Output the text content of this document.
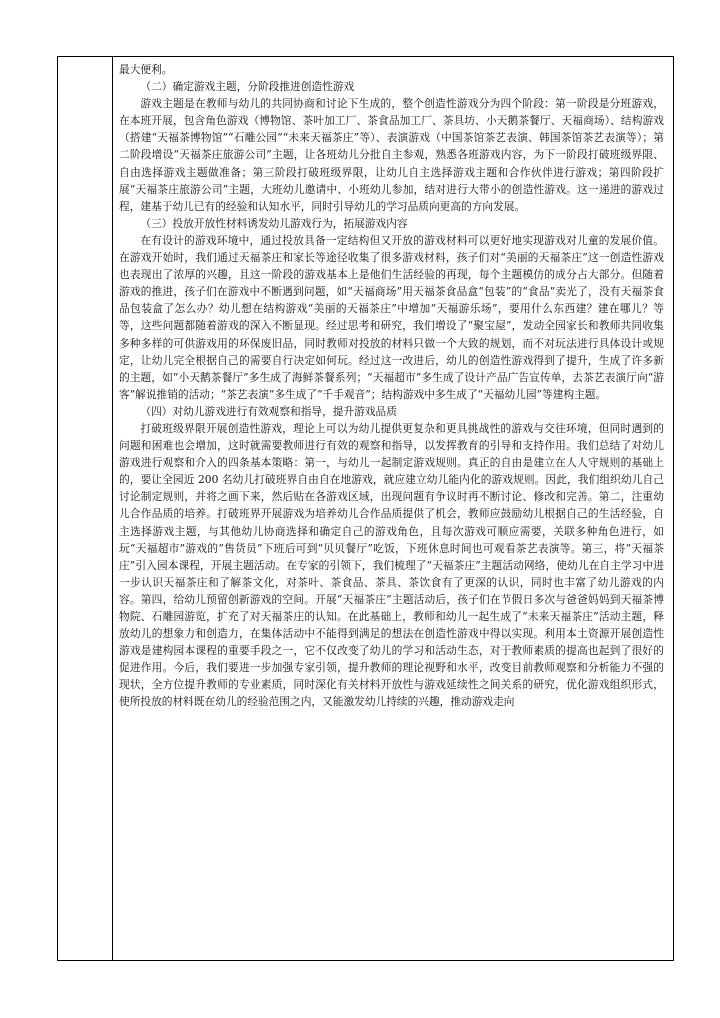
最大便利。

（二）确定游戏主题，分阶段推进创造性游戏

游戏主题是在教师与幼儿的共同协商和讨论下生成的，整个创造性游戏分为四个阶段：第一阶段是分班游戏，在本班开展，包含角色游戏（博物馆、茶叶加工厂、茶食品加工厂、茶具坊、小天鹅茶餐厅、天福商场）、结构游戏（搭建“天福茶博物馆”“石雕公园”“未来天福茶庄”等）、表演游戏（中国茶馆茶艺表演、韩国茶馆茶艺表演等）；第二阶段增设“天福茶庄旅游公司”主题，让各班幼儿分批自主参观，熟悉各班游戏内容，为下一阶段打破班级界限、自由选择游戏主题做准备；第三阶段打破班级界限，让幼儿自主选择游戏主题和合作伙伴进行游戏；第四阶段扩展“天福茶庄旅游公司”主题，大班幼儿邀请中、小班幼儿参加，结对进行大带小的创造性游戏。这一递进的游戏过程，建基于幼儿已有的经验和认知水平，同时引导幼儿的学习品质向更高的方向发展。

（三）投放开放性材料诱发幼儿游戏行为，拓展游戏内容

在有设计的游戏环境中，通过投放具备一定结构但又开放的游戏材料可以更好地实现游戏对儿童的发展价值。在游戏开始时，我们通过天福茶庄和家长等途径收集了很多游戏材料，孩子们对“美丽的天福茶庄”这一创造性游戏也表现出了浓厚的兴趣，且这一阶段的游戏基本上是他们生活经验的再现，每个主题模仿的成分占大部分。但随着游戏的推进，孩子们在游戏中不断遇到问题，如“天福商场”用天福茶食品盒“包装”的“食品”卖光了，没有天福茶食品包装盒了怎么办？幼儿想在结构游戏“美丽的天福茶庄”中增加“天福游乐场”，要用什么东西建？建在哪儿？等等，这些问题都随着游戏的深入不断显现。经过思考和研究，我们增设了“聚宝屋”，发动全园家长和教师共同收集多种多样的可供游戏用的环保废旧品，同时教师对投放的材料只做一个大致的规划，而不对玩法进行具体设计或规定，让幼儿完全根据自己的需要自行决定如何玩。经过这一改进后，幼儿的创造性游戏得到了提升，生成了许多新的主题，如“小天鹅茶餐厅”多生成了海鲜茶餐系列；“天福超市”多生成了设计产品广告宣传单，去茶艺表演厅向“游客”解说推销的活动；“茶艺表演”多生成了“千手观音”；结构游戏中多生成了“天福幼儿园”等建构主题。

（四）对幼儿游戏进行有效观察和指导，提升游戏品质

打破班级界限开展创造性游戏，理论上可以为幼儿提供更复杂和更具挑战性的游戏与交往环境，但同时遇到的问题和困难也会增加，这时就需要教师进行有效的观察和指导，以发挥教育的引导和支持作用。我们总结了对幼儿游戏进行观察和介入的四条基本策略：第一，与幼儿一起制定游戏规则。真正的自由是建立在人人守规则的基础上的，要让全园近 200 名幼儿打破班界自由自在地游戏，就应建立幼儿能内化的游戏规则。因此，我们组织幼儿自己讨论制定规则，并将之画下来，然后贴在各游戏区域，出现问题有争议时再不断讨论、修改和完善。第二，注重幼儿合作品质的培养。打破班界开展游戏为培养幼儿合作品质提供了机会，教师应鼓励幼儿根据自己的生活经验，自主选择游戏主题，与其他幼儿协商选择和确定自己的游戏角色，且每次游戏可顺应需要，关联多种角色进行，如玩“天福超市”游戏的“售货员”下班后可到“贝贝餐厅”吃饭，下班休息时间也可观看茶艺表演等。第三，将“天福茶庄”引入园本课程，开展主题活动。在专家的引领下，我们梳理了“天福茶庄”主题活动网络，使幼儿在自主学习中进一步认识天福茶庄和了解茶文化，对茶叶、茶食品、茶具、茶饮食有了更深的认识，同时也丰富了幼儿游戏的内容。第四，给幼儿预留创新游戏的空间。开展“天福茶庄”主题活动后，孩子们在节假日多次与爸爸妈妈到天福茶博物院、石雕园游览，扩充了对天福茶庄的认知。在此基础上，教师和幼儿一起生成了“未来天福茶庄”活动主题，释放幼儿的想象力和创造力，在集体活动中不能得到满足的想法在创造性游戏中得以实现。利用本土资源开展创造性游戏是建构园本课程的重要手段之一，它不仅改变了幼儿的学习和活动生态，对于教师素质的提高也起到了很好的促进作用。今后，我们要进一步加强专家引领，提升教师的理论视野和水平，改变目前教师观察和分析能力不强的现状，全方位提升教师的专业素质，同时深化有关材料开放性与游戏延续性之间关系的研究，优化游戏组织形式，使所投放的材料既在幼儿的经验范围之内，又能激发幼儿持续的兴趣，推动游戏走向
